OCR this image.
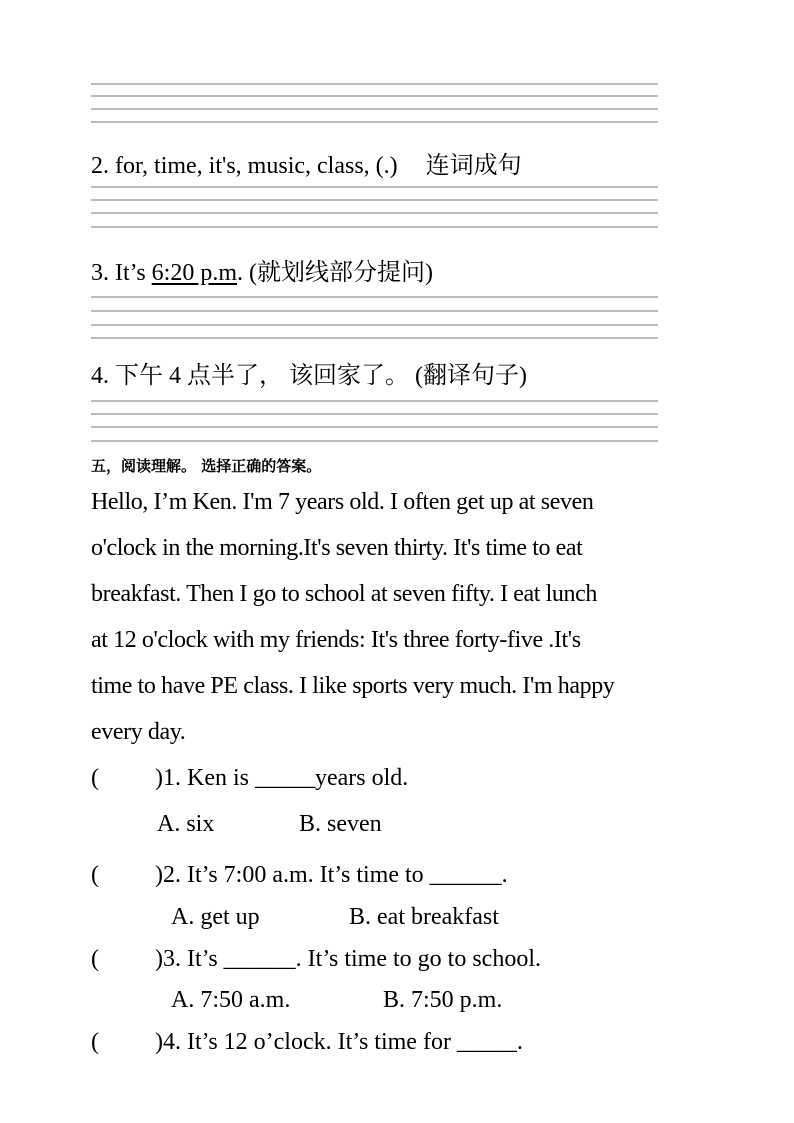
2. for, time, it's, music, class, (.) 连词成句
3. It’s 6:20 p.m. (就划线部分提问)
4. 下午 4 点半了， 该回家了。 (翻译句子)
五，阅读理解。 选择正确的答案。
Hello, I’m Ken. I'm 7 years old. I often get up at seven
o'clock in the morning.It's seven thirty. It's time to eat
breakfast. Then I go to school at seven fifty. I eat lunch
at 12 o'clock with my friends: It's three forty-five .It's
time to have PE class. I like sports very much. I'm happy
every day.
( )1. Ken is _____years old.
A. six	B. seven
( )2. It’s 7:00 a.m. It’s time to ______.
A. get up	B. eat breakfast
( )3. It’s ______. It’s time to go to school.
A. 7:50 a.m.	B. 7:50 p.m.
( )4. It’s 12 o’clock. It’s time for _____.
